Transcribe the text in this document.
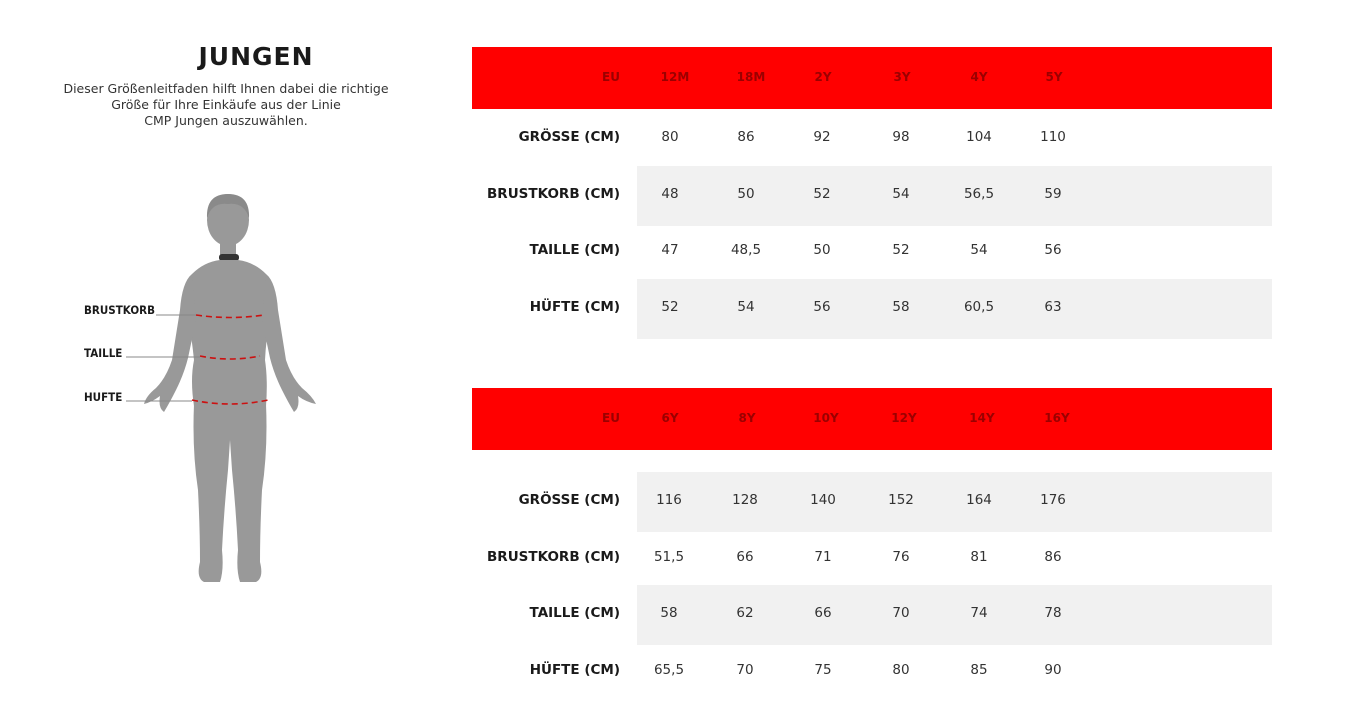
JUNGEN
Dieser Größenleitfaden hilft Ihnen dabei die richtige
Größe für Ihre Einkäufe aus der Linie
CMP Jungen auszuwählen.
BRUSTKORB
TAILLE
HUFTE
EU	12M	18M	2Y	3Y	4Y	5Y
GRÖSSE (CM)	80	86	92	98	104	110
BRUSTKORB (CM)	48	50	52	54	56,5	59
TAILLE (CM)	47	48,5	50	52	54	56
HÜFTE (CM)	52	54	56	58	60,5	63
EU	6Y	8Y	10Y	12Y	14Y	16Y
GRÖSSE (CM)	116	128	140	152	164	176
BRUSTKORB (CM)	51,5	66	71	76	81	86
TAILLE (CM)	58	62	66	70	74	78
HÜFTE (CM)	65,5	70	75	80	85	90
